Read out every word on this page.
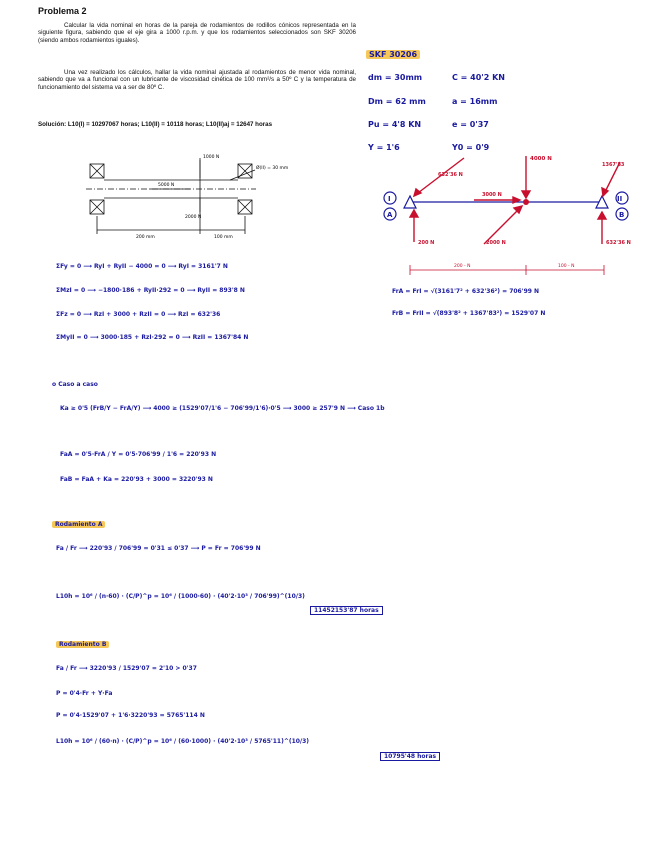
Problema 2
Calcular la vida nominal en horas de la pareja de rodamientos de rodillos cónicos representada en la siguiente figura, sabiendo que el eje gira a 1000 r.p.m. y que los rodamientos seleccionados son SKF 30206 (siendo ambos rodamientos iguales).
Una vez realizado los cálculos, hallar la vida nominal ajustada al rodamientos de menor vida nominal, sabiendo que va a funcional con un lubricante de viscosidad cinética de 100 mm²/s a 50º C y la temperatura de funcionamiento del sistema va a ser de 80º C.
Solución: L10(I) = 10297067 horas; L10(II) = 10118 horas; L10(II)aj = 12647 horas
1000 N
5000 N
2000 N
Ø(II) = 30 mm
200 mm	100 mm
SKF 30206
dm = 30mm	C = 40'2 KN
Dm = 62 mm	a = 16mm
Pu = 4'8 KN	e = 0'37
Y = 1'6	Y0 = 0'9
4000 N
3000 N
2000 N
200 N
632'36 N
1367'83
632'36 N
I	II
A	B
200 - N	100 - N
ΣFy = 0 ⟶ RyI + RyII − 4000 = 0 ⟶ RyI = 3161'7 N
ΣMzI = 0 ⟶ −1800·186 + RyII·292 = 0 ⟶ RyII = 893'8 N
ΣFz = 0 ⟶ RzI + 3000 + RzII = 0 ⟶ RzI = 632'36
ΣMyII = 0 ⟶ 3000·185 + RzI·292 = 0 ⟶ RzII = 1367'84 N
FrA = FrI = √(3161'7² + 632'36²) = 706'99 N
FrB = FrII = √(893'8² + 1367'83²) = 1529'07 N
o Caso a caso
Ka ≥ 0'5 (FrB/Y − FrA/Y) ⟶ 4000 ≥ (1529'07/1'6 − 706'99/1'6)·0'5 ⟶ 3000 ≥ 257'9 N ⟶ Caso 1b
FaA = 0'5·FrA / Y = 0'5·706'99 / 1'6 = 220'93 N
FaB = FaA + Ka = 220'93 + 3000 = 3220'93 N
Rodamiento A
Fa / Fr ⟶ 220'93 / 706'99 = 0'31 ≤ 0'37 ⟶ P = Fr = 706'99 N
L10h = 10⁶ / (n·60) · (C/P)^p = 10⁶ / (1000·60) · (40'2·10³ / 706'99)^(10/3)
11452153'87 horas
Rodamiento B
Fa / Fr ⟶ 3220'93 / 1529'07 = 2'10 > 0'37
P = 0'4·Fr + Y·Fa
P = 0'4·1529'07 + 1'6·3220'93 = 5765'114 N
L10h = 10⁶ / (60·n) · (C/P)^p = 10⁶ / (60·1000) · (40'2·10³ / 5765'11)^(10/3)
10795'48 horas
